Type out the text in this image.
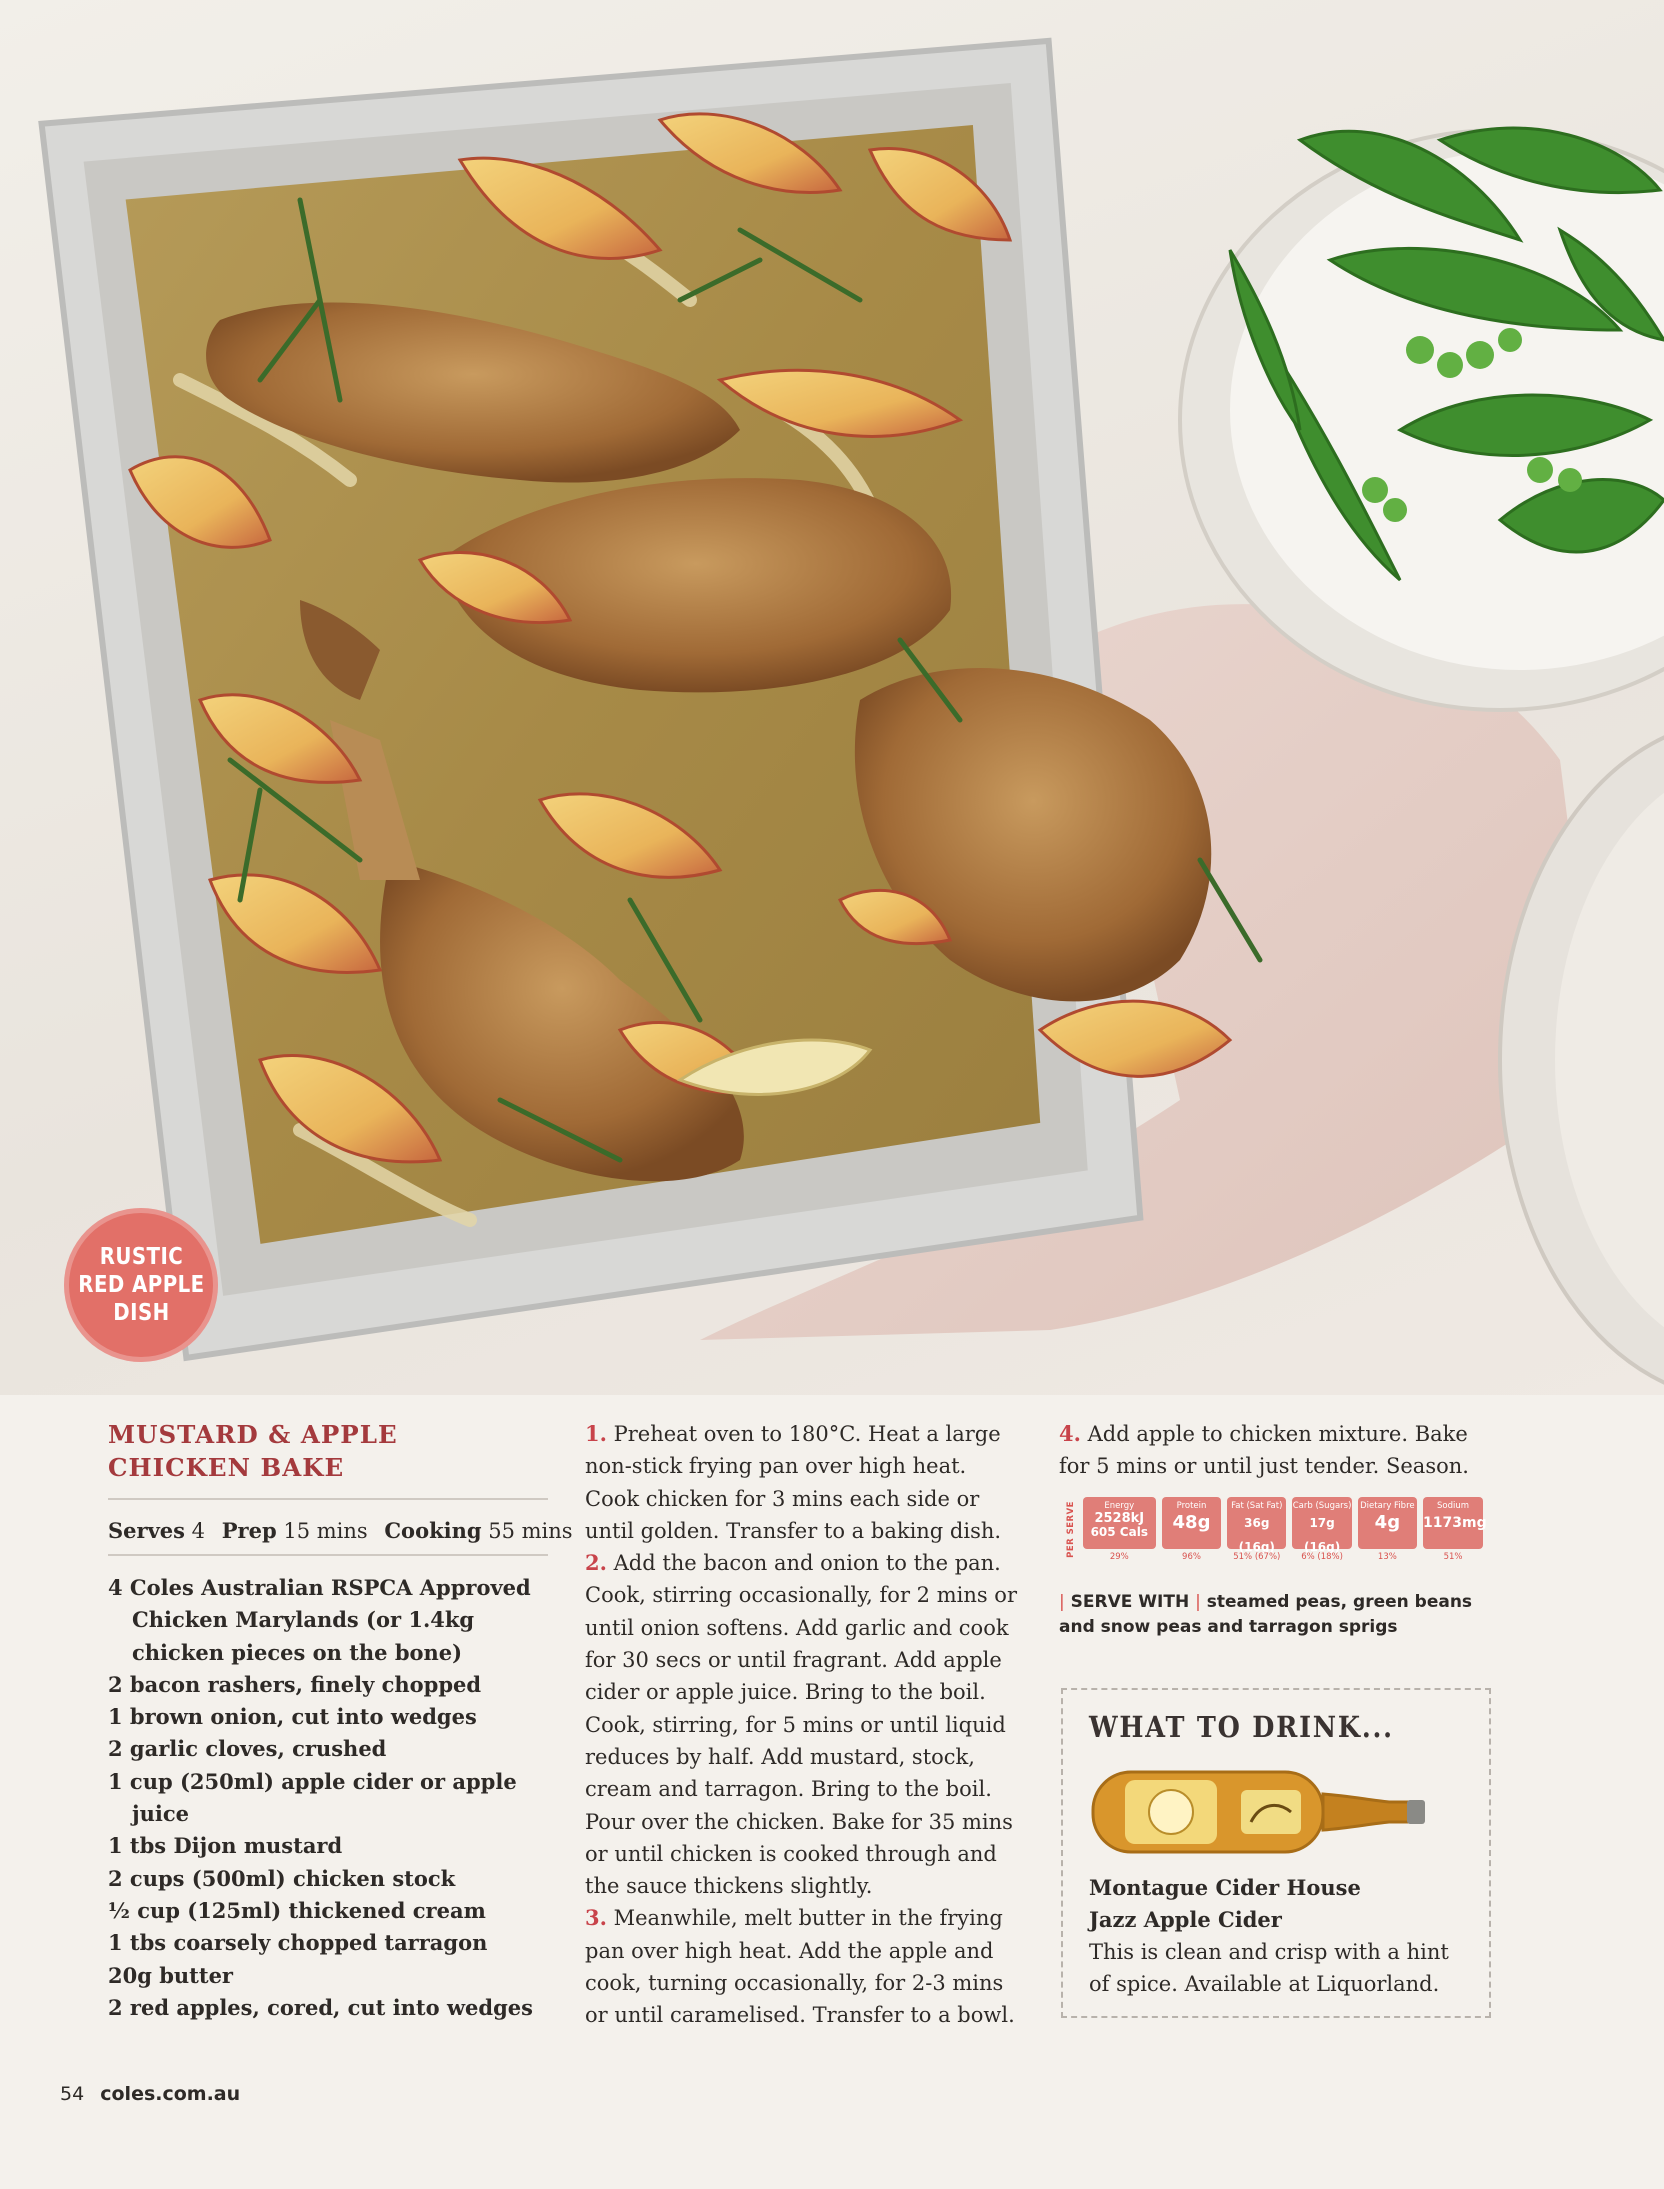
RUSTIC
RED APPLE
DISH
MUSTARD & APPLE
CHICKEN BAKE
Serves 4 Prep 15 mins Cooking 55 mins
4 Coles Australian RSPCA Approved Chicken Marylands (or 1.4kg chicken pieces on the bone)
2 bacon rashers, finely chopped
1 brown onion, cut into wedges
2 garlic cloves, crushed
1 cup (250ml) apple cider or apple juice
1 tbs Dijon mustard
2 cups (500ml) chicken stock
½ cup (125ml) thickened cream
1 tbs coarsely chopped tarragon
20g butter
2 red apples, cored, cut into wedges

1. Preheat oven to 180°C. Heat a large non-stick frying pan over high heat. Cook chicken for 3 mins each side or until golden. Transfer to a baking dish.

2. Add the bacon and onion to the pan. Cook, stirring occasionally, for 2 mins or until onion softens. Add garlic and cook for 30 secs or until fragrant. Add apple cider or apple juice. Bring to the boil. Cook, stirring, for 5 mins or until liquid reduces by half. Add mustard, stock, cream and tarragon. Bring to the boil. Pour over the chicken. Bake for 35 mins or until chicken is cooked through and the sauce thickens slightly.

3. Meanwhile, melt butter in the frying pan over high heat. Add the apple and cook, turning occasionally, for 2-3 mins or until caramelised. Transfer to a bowl.

4. Add apple to chicken mixture. Bake for 5 mins or until just tender. Season.

PER SERVE	Energy
2528kJ
605 Cals
29%
Protein
48g
96%
Fat (Sat Fat)
36g (16g)
51% (67%)
Carb (Sugars)
17g (16g)
6% (18%)
Dietary Fibre
4g
13%
Sodium
1173mg
51%
| SERVE WITH | steamed peas, green beans and snow peas and tarragon sprigs
WHAT TO DRINK...
Montague Cider House
Jazz Apple Cider
This is clean and crisp with a hint of spice. Available at Liquorland.
54 coles.com.au
